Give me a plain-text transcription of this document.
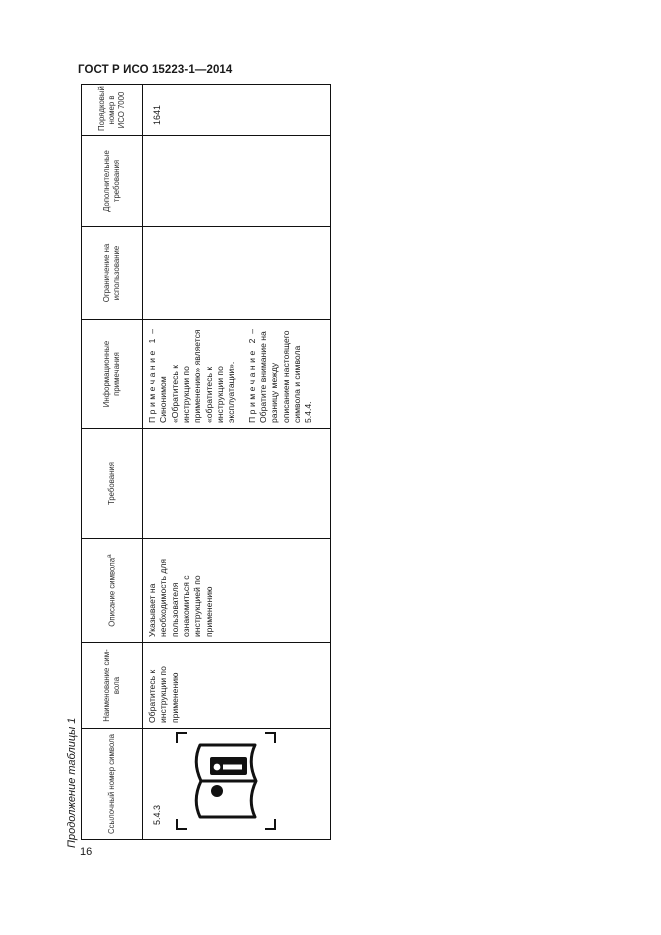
ГОСТ Р ИСО 15223-1—2014
Продолжение таблицы 1	Ссылочный номер символа	Наименование сим-вола	Описание символа$^a$	Требования	Информационные примечания	Ограничение на использование	Дополнительные требования	Порядковый номер в ИСО 7000

5.4.3	Обратитесь к инструкции по применению	Указывает на необходимость для пользователя ознакомиться с инструкцией по применению		Примечание 1 – Синонимом «Обратитесь к инструкции по применению» является «обратитесь к инструкции по эксплуатации». Примечание 2 – Обратите внимание на разницу между описанием настоящего символа и символа 5.4.4.			1641
16
